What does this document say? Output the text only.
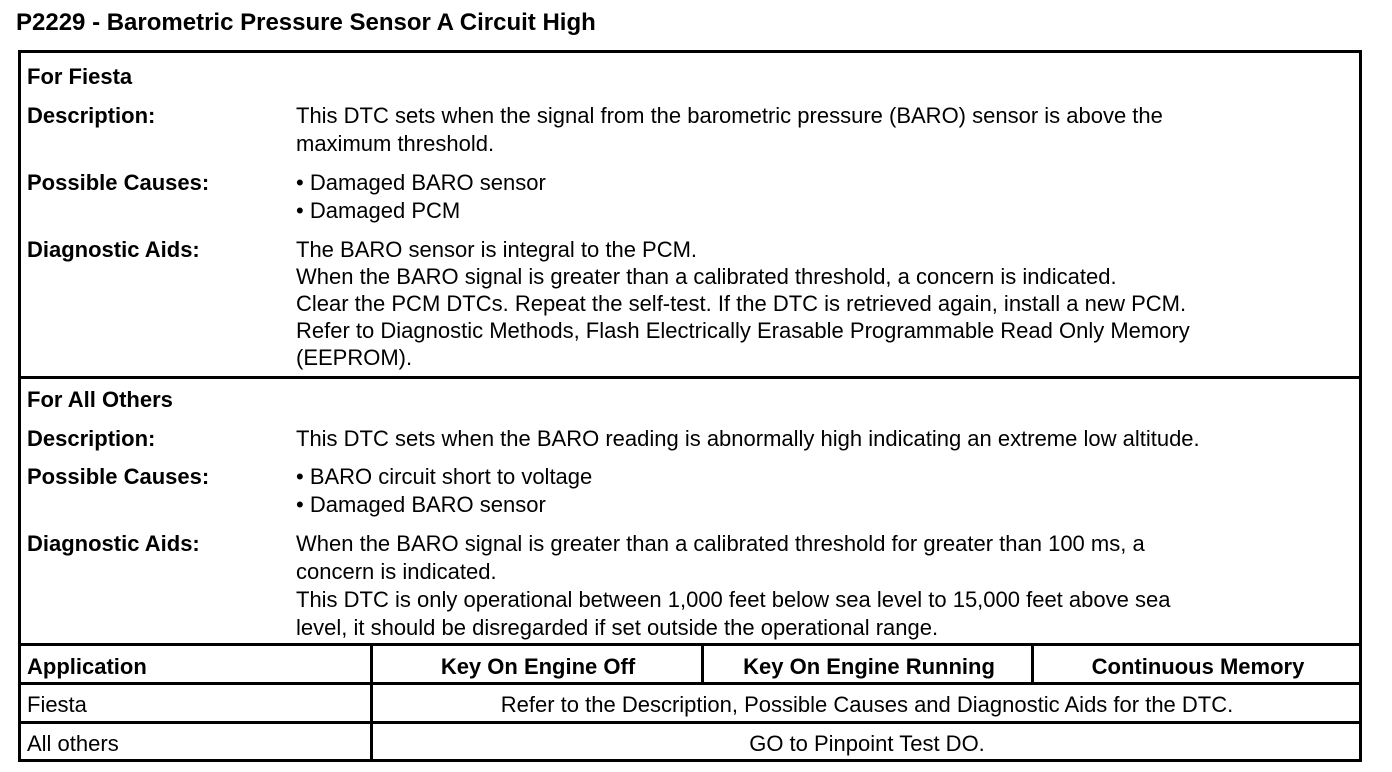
P2229 - Barometric Pressure Sensor A Circuit High
For Fiesta
Description:	This DTC sets when the signal from the barometric pressure (BARO) sensor is above the
maximum threshold.
Possible Causes:	• Damaged BARO sensor
• Damaged PCM
Diagnostic Aids:	The BARO sensor is integral to the PCM.
When the BARO signal is greater than a calibrated threshold, a concern is indicated.
Clear the PCM DTCs. Repeat the self-test. If the DTC is retrieved again, install a new PCM.
Refer to Diagnostic Methods, Flash Electrically Erasable Programmable Read Only Memory
(EEPROM).
For All Others
Description:	This DTC sets when the BARO reading is abnormally high indicating an extreme low altitude.
Possible Causes:	• BARO circuit short to voltage
• Damaged BARO sensor
Diagnostic Aids:	When the BARO signal is greater than a calibrated threshold for greater than 100 ms, a
concern is indicated.
This DTC is only operational between 1,000 feet below sea level to 15,000 feet above sea
level, it should be disregarded if set outside the operational range.
Application	Key On Engine Off	Key On Engine Running	Continuous Memory
Fiesta	Refer to the Description, Possible Causes and Diagnostic Aids for the DTC.
All others	GO to Pinpoint Test DO.
